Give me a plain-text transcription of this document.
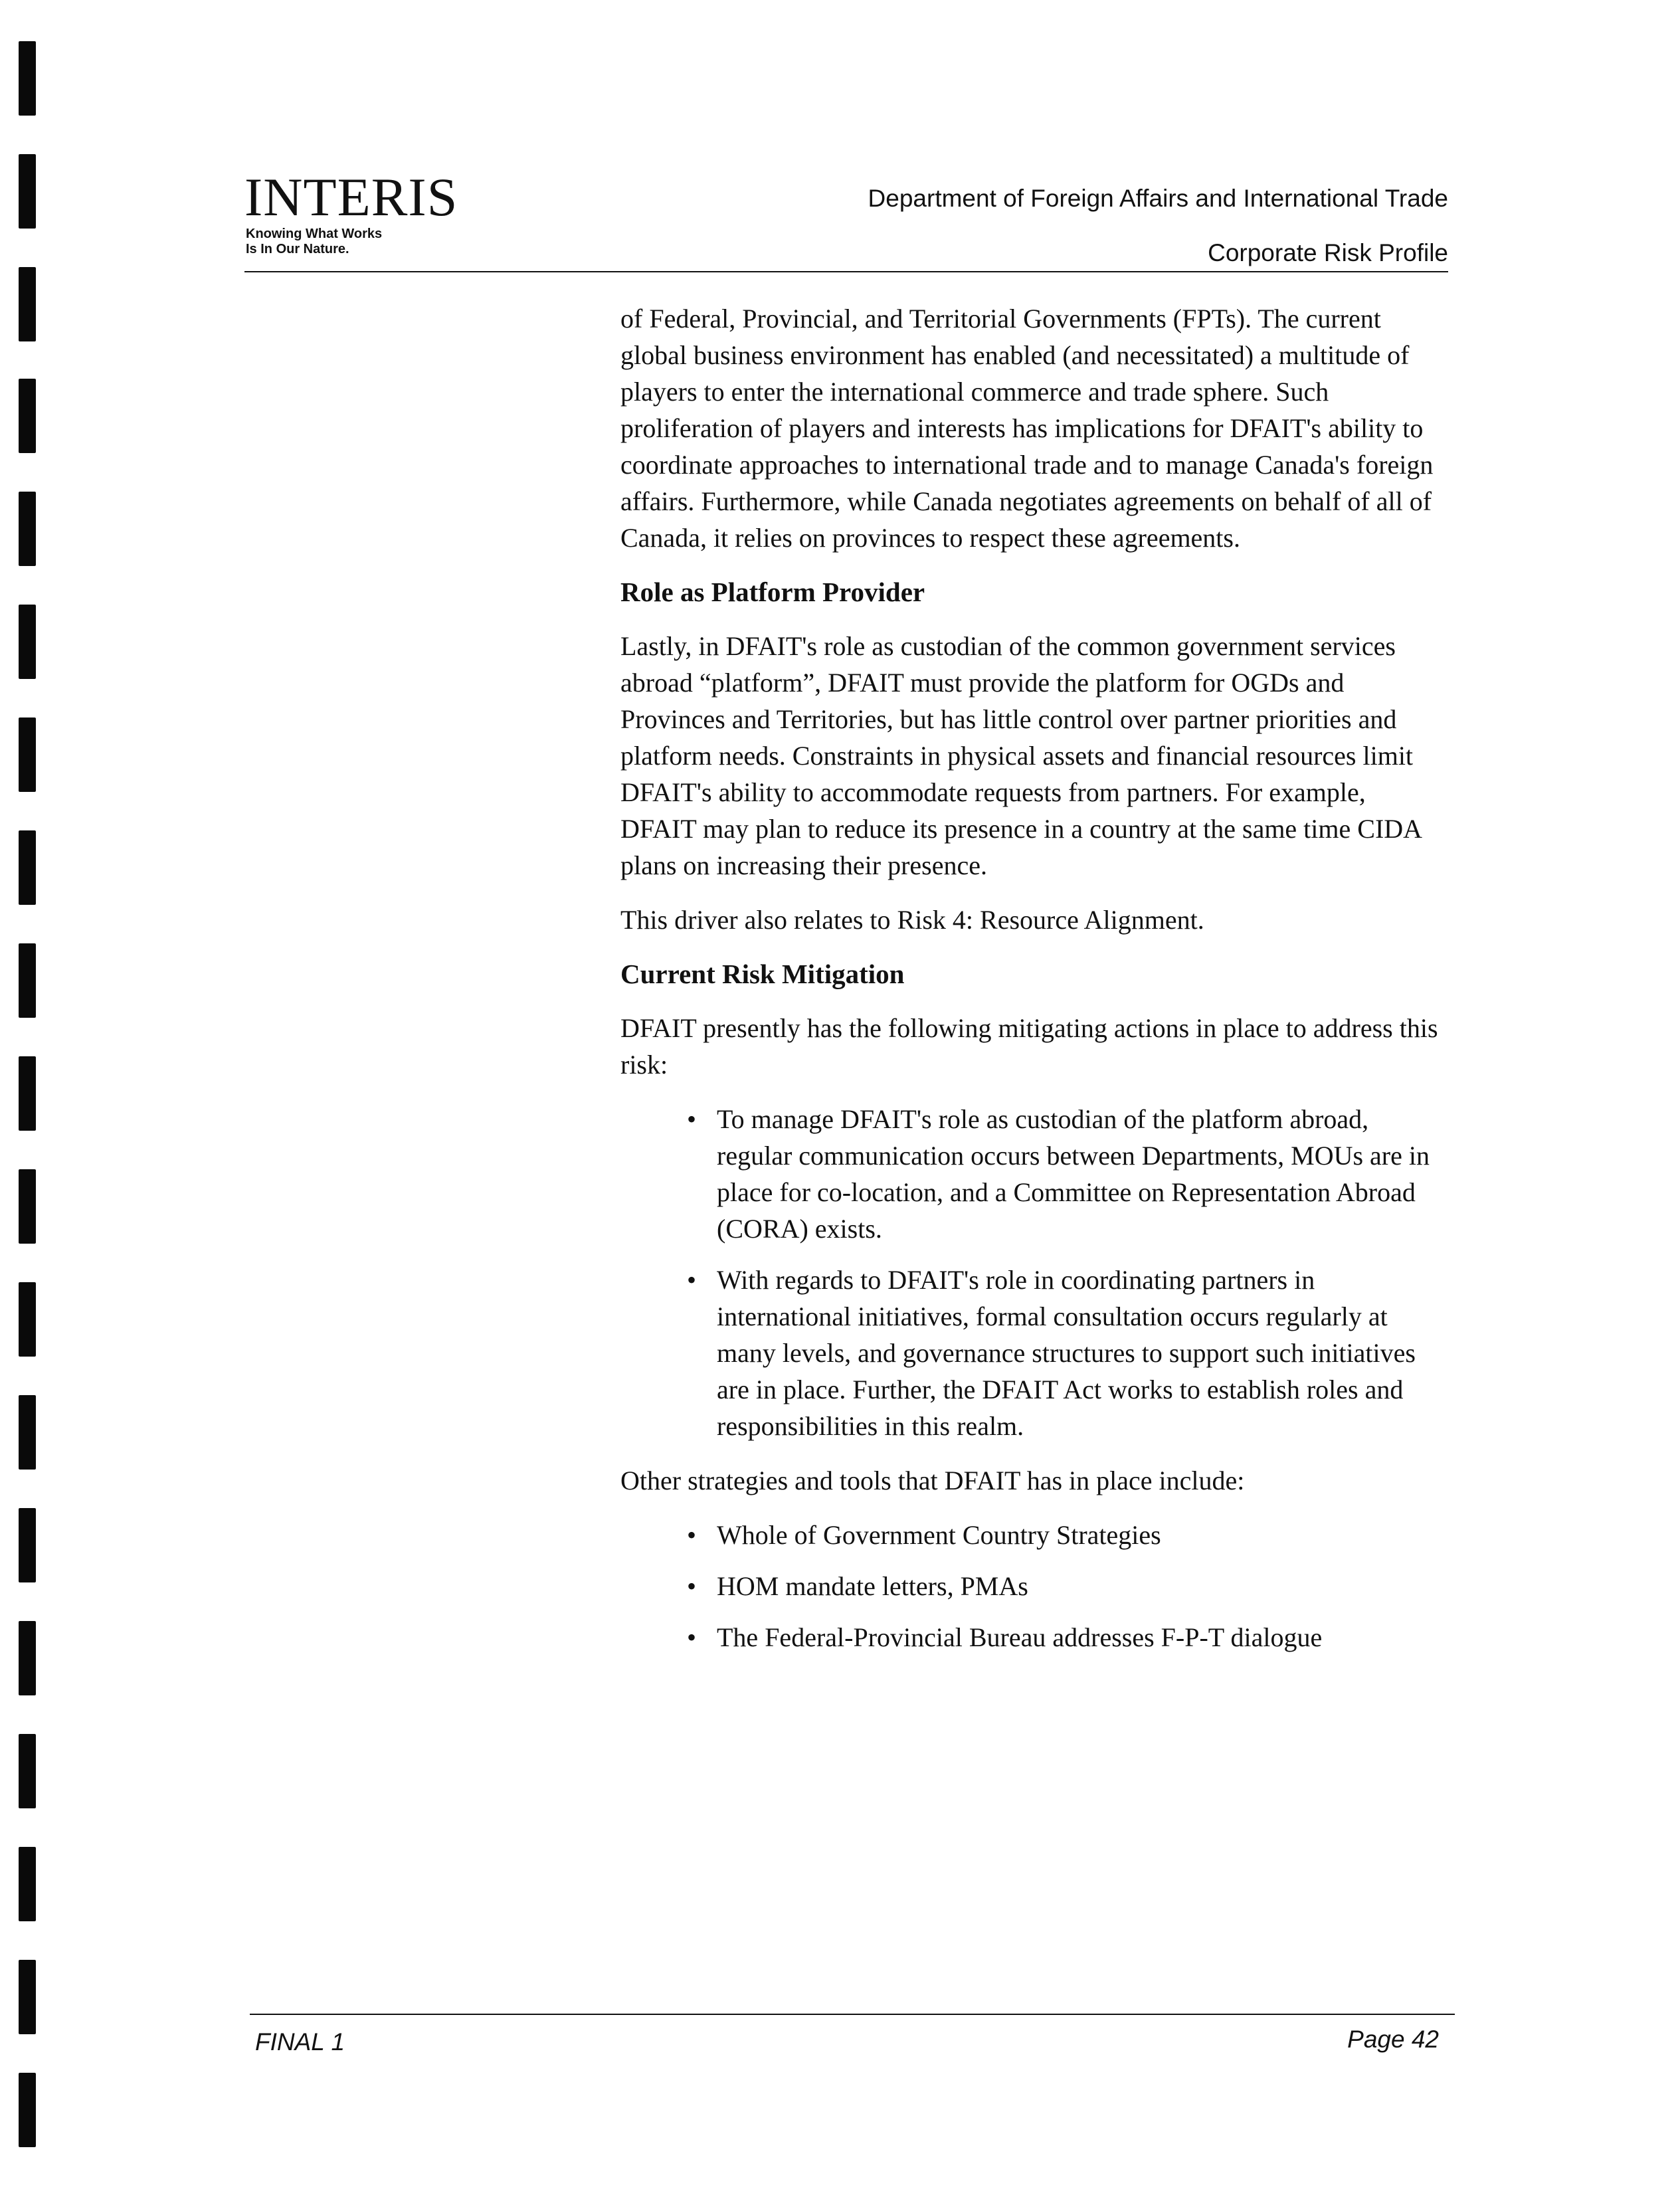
INTERIS
Knowing What Works
Is In Our Nature.
Department of Foreign Affairs and International Trade
Corporate Risk Profile

of Federal, Provincial, and Territorial Governments (FPTs). The current global business environment has enabled (and necessitated) a multitude of players to enter the international commerce and trade sphere. Such proliferation of players and interests has implications for DFAIT's ability to coordinate approaches to international trade and to manage Canada's foreign affairs. Furthermore, while Canada negotiates agreements on behalf of all of Canada, it relies on provinces to respect these agreements.

Role as Platform Provider

Lastly, in DFAIT's role as custodian of the common government services abroad “platform”, DFAIT must provide the platform for OGDs and Provinces and Territories, but has little control over partner priorities and platform needs. Constraints in physical assets and financial resources limit DFAIT's ability to accommodate requests from partners. For example, DFAIT may plan to reduce its presence in a country at the same time CIDA plans on increasing their presence.

This driver also relates to Risk 4: Resource Alignment.

Current Risk Mitigation

DFAIT presently has the following mitigating actions in place to address this risk:

• To manage DFAIT's role as custodian of the platform abroad, regular communication occurs between Departments, MOUs are in place for co-location, and a Committee on Representation Abroad (CORA) exists.
• With regards to DFAIT's role in coordinating partners in international initiatives, formal consultation occurs regularly at many levels, and governance structures to support such initiatives are in place. Further, the DFAIT Act works to establish roles and responsibilities in this realm.

Other strategies and tools that DFAIT has in place include:

• Whole of Government Country Strategies
• HOM mandate letters, PMAs
• The Federal-Provincial Bureau addresses F-P-T dialogue
FINAL 1	Page 42
